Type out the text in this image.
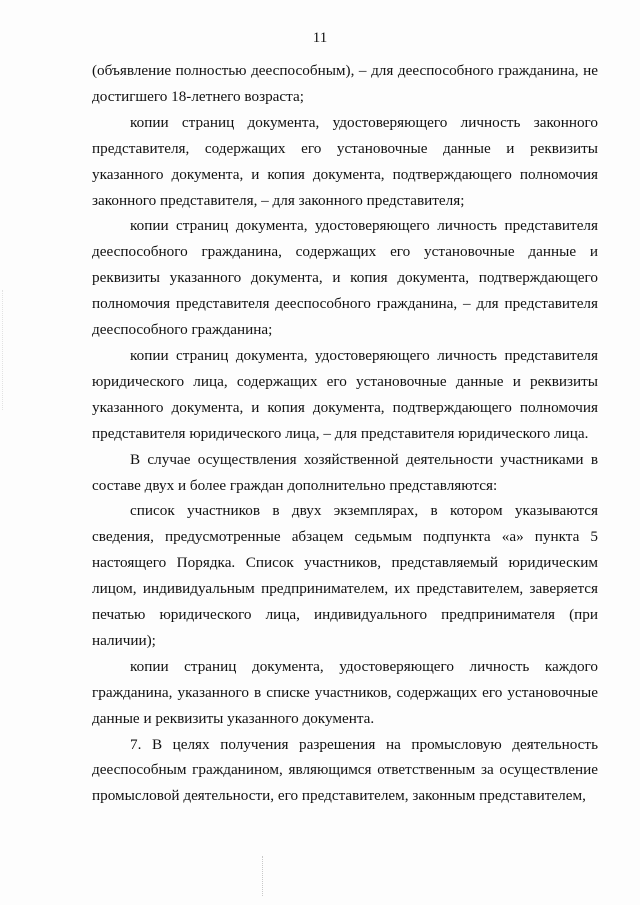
11

(объявление полностью дееспособным), – для дееспособного гражданина, не достигшего 18-летнего возраста;

копии страниц документа, удостоверяющего личность законного представителя, содержащих его установочные данные и реквизиты указанного документа, и копия документа, подтверждающего полномочия законного представителя, – для законного представителя;

копии страниц документа, удостоверяющего личность представителя дееспособного гражданина, содержащих его установочные данные и реквизиты указанного документа, и копия документа, подтверждающего полномочия представителя дееспособного гражданина, – для представителя дееспособного гражданина;

копии страниц документа, удостоверяющего личность представителя юридического лица, содержащих его установочные данные и реквизиты указанного документа, и копия документа, подтверждающего полномочия представителя юридического лица, – для представителя юридического лица.

В случае осуществления хозяйственной деятельности участниками в составе двух и более граждан дополнительно представляются:

список участников в двух экземплярах, в котором указываются сведения, предусмотренные абзацем седьмым подпункта «а» пункта 5 настоящего Порядка. Список участников, представляемый юридическим лицом, индивидуальным предпринимателем, их представителем, заверяется печатью юридического лица, индивидуального предпринимателя (при наличии);

копии страниц документа, удостоверяющего личность каждого гражданина, указанного в списке участников, содержащих его установочные данные и реквизиты указанного документа.

7. В целях получения разрешения на промысловую деятельность дееспособным гражданином, являющимся ответственным за осуществление промысловой деятельности, его представителем, законным представителем,
